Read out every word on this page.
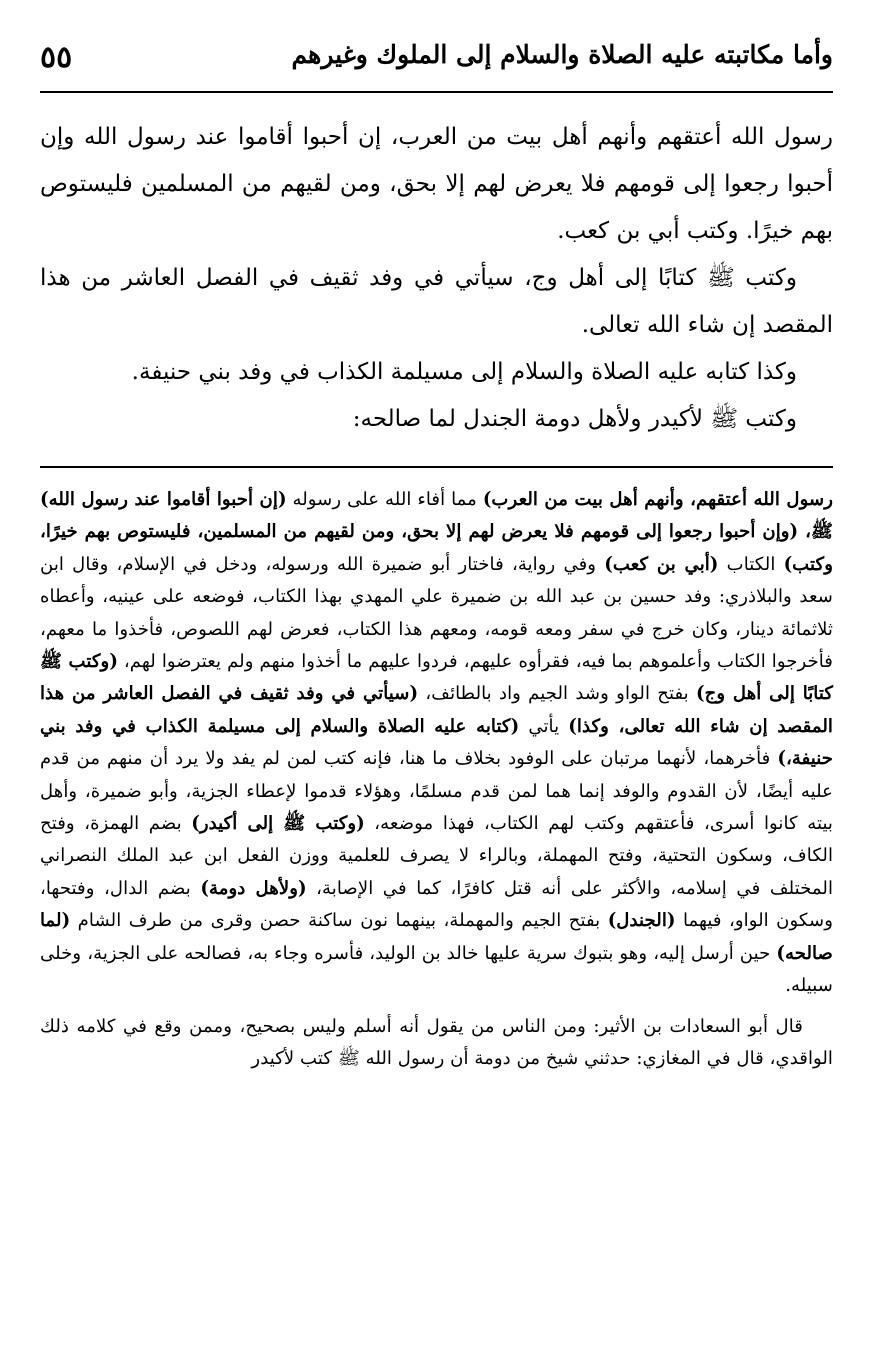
٥٥	وأما مكاتبته عليه الصلاة والسلام إلى الملوك وغيرهم

رسول الله أعتقهم وأنهم أهل بيت من العرب، إن أحبوا أقاموا عند رسول الله وإن أحبوا رجعوا إلى قومهم فلا يعرض لهم إلا بحق، ومن لقيهم من المسلمين فليستوص بهم خيرًا. وكتب أبي بن كعب.

وكتب ﷺ كتابًا إلى أهل وج، سيأتي في وفد ثقيف في الفصل العاشر من هذا المقصد إن شاء الله تعالى.

وكذا كتابه عليه الصلاة والسلام إلى مسيلمة الكذاب في وفد بني حنيفة.

وكتب ﷺ لأكيدر ولأهل دومة الجندل لما صالحه:

رسول الله أعتقهم، وأنهم أهل بيت من العرب) مما أفاء الله على رسوله (إن أحبوا أقاموا عند رسول الله) ﷺ، (وإن أحبوا رجعوا إلى قومهم فلا يعرض لهم إلا بحق، ومن لقيهم من المسلمين، فليستوص بهم خيرًا، وكتب) الكتاب (أبي بن كعب) وفي رواية، فاختار أبو ضميرة الله ورسوله، ودخل في الإسلام، وقال ابن سعد والبلاذري: وفد حسين بن عبد الله بن ضميرة علي المهدي بهذا الكتاب، فوضعه على عينيه، وأعطاه ثلاثمائة دينار، وكان خرج في سفر ومعه قومه، ومعهم هذا الكتاب، فعرض لهم اللصوص، فأخذوا ما معهم، فأخرجوا الكتاب وأعلموهم بما فيه، فقرأوه عليهم، فردوا عليهم ما أخذوا منهم ولم يعترضوا لهم، (وكتب ﷺ كتابًا إلى أهل وج) بفتح الواو وشد الجيم واد بالطائف، (سيأتي في وفد ثقيف في الفصل العاشر من هذا المقصد إن شاء الله تعالى، وكذا) يأتي (كتابه عليه الصلاة والسلام إلى مسيلمة الكذاب في وفد بني حنيفة،) فأخرهما، لأنهما مرتبان على الوفود بخلاف ما هنا، فإنه كتب لمن لم يفد ولا يرد أن منهم من قدم عليه أيضًا، لأن القدوم والوفد إنما هما لمن قدم مسلمًا، وهؤلاء قدموا لإعطاء الجزية، وأبو ضميرة، وأهل بيته كانوا أسرى، فأعتقهم وكتب لهم الكتاب، فهذا موضعه، (وكتب ﷺ إلى أكيدر) بضم الهمزة، وفتح الكاف، وسكون التحتية، وفتح المهملة، وبالراء لا يصرف للعلمية ووزن الفعل ابن عبد الملك النصراني المختلف في إسلامه، والأكثر على أنه قتل كافرًا، كما في الإصابة، (ولأهل دومة) بضم الدال، وفتحها، وسكون الواو، فيهما (الجندل) بفتح الجيم والمهملة، بينهما نون ساكنة حصن وقرى من طرف الشام (لما صالحه) حين أرسل إليه، وهو بتبوك سرية عليها خالد بن الوليد، فأسره وجاء به، فصالحه على الجزية، وخلى سبيله.

قال أبو السعادات بن الأثير: ومن الناس من يقول أنه أسلم وليس بصحيح، وممن وقع في كلامه ذلك الواقدي، قال في المغازي: حدثني شيخ من دومة أن رسول الله ﷺ كتب لأكيدر
